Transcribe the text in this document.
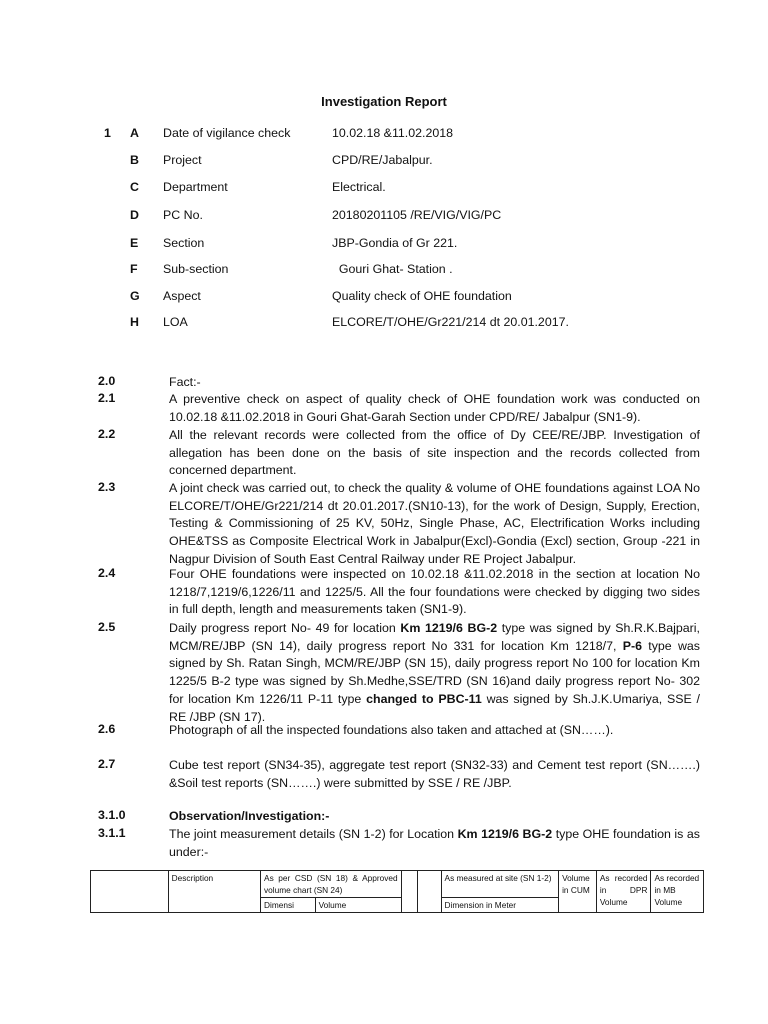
Investigation Report
1 A Date of vigilance check	10.02.18 &11.02.2018
B Project	CPD/RE/Jabalpur.
C Department	Electrical.
D PC No.	20180201105 /RE/VIG/VIG/PC
E Section	JBP-Gondia of Gr 221.
F Sub-section	Gouri Ghat- Station .
G Aspect	Quality check of OHE foundation
H LOA	ELCORE/T/OHE/Gr221/214 dt 20.01.2017.
2.0	Fact:-
2.1	A preventive check on aspect of quality check of OHE foundation work was conducted on 10.02.18 &11.02.2018 in Gouri Ghat-Garah Section under CPD/RE/ Jabalpur (SN1-9).
2.2	All the relevant records were collected from the office of Dy CEE/RE/JBP. Investigation of allegation has been done on the basis of site inspection and the records collected from concerned department.
2.3	A joint check was carried out, to check the quality & volume of OHE foundations against LOA No ELCORE/T/OHE/Gr221/214 dt 20.01.2017.(SN10-13), for the work of Design, Supply, Erection, Testing & Commissioning of 25 KV, 50Hz, Single Phase, AC, Electrification Works including OHE&TSS as Composite Electrical Work in Jabalpur(Excl)-Gondia (Excl) section, Group -221 in Nagpur Division of South East Central Railway under RE Project Jabalpur.
2.4	Four OHE foundations were inspected on 10.02.18 &11.02.2018 in the section at location No 1218/7,1219/6,1226/11 and 1225/5. All the four foundations were checked by digging two sides in full depth, length and measurements taken (SN1-9).
2.5	Daily progress report No- 49 for location Km 1219/6 BG-2 type was signed by Sh.R.K.Bajpari, MCM/RE/JBP (SN 14), daily progress report No 331 for location Km 1218/7, P-6 type was signed by Sh. Ratan Singh, MCM/RE/JBP (SN 15), daily progress report No 100 for location Km 1225/5 B-2 type was signed by Sh.Medhe,SSE/TRD (SN 16)and daily progress report No- 302 for location Km 1226/11 P-11 type changed to PBC-11 was signed by Sh.J.K.Umariya, SSE / RE /JBP (SN 17).
2.6	Photograph of all the inspected foundations also taken and attached at (SN……).
2.7	Cube test report (SN34-35), aggregate test report (SN32-33) and Cement test report (SN…….) &Soil test reports (SN…….) were submitted by SSE / RE /JBP.
3.1.0	Observation/Investigation:-
3.1.1	The joint measurement details (SN 1-2) for Location Km 1219/6 BG-2 type OHE foundation is as under:-
	Description	As per CSD (SN 18) & Approved volume chart (SN 24)				As measured at site (SN 1-2)	Volume in CUM	As recorded in DPR Volume	As recorded in MB Volume
		Dimensi	Volume			Dimension in Meter			
